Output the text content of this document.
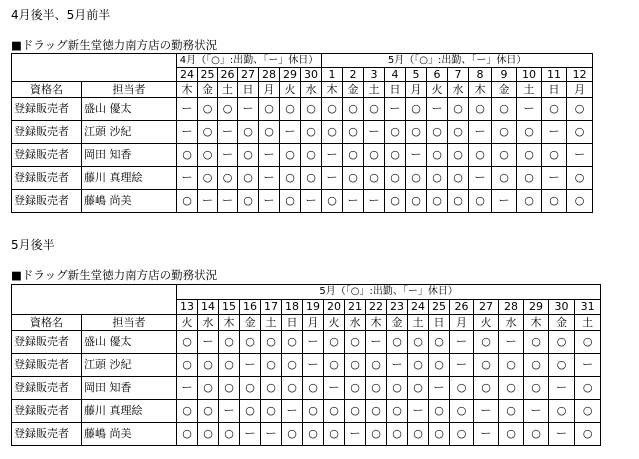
4月後半、5月前半
■ドラッグ新生堂徳力南方店の勤務状況
		4月（「○」:出勤、「ー」休日）							5月（「○」:出勤、「ー」休日）											
		24	25	26	27	28	29	30	1	2	3	4	5	6	7	8	9	10	11	12
資格名	担当者	木	金	土	日	月	火	水	木	金	土	日	月	火	水	木	金	土	日	月
登録販売者	盛山 優太	ー	○	○	ー	○	○	○	○	○	○	ー	○	ー	○	○	○	ー	○	○
登録販売者	江頭 沙紀	ー	○	ー	○	○	ー	○	○	○	ー	○	○	○	○	ー	○	○	ー	○
登録販売者	岡田 知香	○	○	ー	○	ー	○	○	ー	○	○	○	ー	○	○	○	○	○	○	ー
登録販売者	藤川 真理絵	ー	○	○	○	ー	○	○	ー	○	○	○	○	○	○	ー	○	○	ー	○
登録販売者	藤嶋 尚美	○	ー	ー	○	ー	○	ー	○	ー	ー	○	○	○	○	○	ー	○	○	○
5月後半
■ドラッグ新生堂徳力南方店の勤務状況
		5月（「○」:出勤、「ー」休日）																		
		13	14	15	16	17	18	19	20	21	22	23	24	25	26	27	28	29	30	31
資格名	担当者	火	水	木	金	土	日	月	火	水	木	金	土	日	月	火	水	木	金	土
登録販売者	盛山 優太	○	ー	○	○	○	○	ー	○	○	ー	○	○	○	ー	○	ー	○	○	○
登録販売者	江頭 沙紀	○	○	○	ー	○	○	ー	○	○	○	ー	○	○	ー	○	○	○	○	ー
登録販売者	岡田 知香	ー	○	○	○	○	○	○	ー	○	○	○	○	ー	○	○	○	○	ー	○
登録販売者	藤川 真理絵	○	○	ー	○	○	ー	○	○	○	○	○	ー	○	○	ー	○	ー	○	○
登録販売者	藤嶋 尚美	○	○	○	ー	ー	○	○	○	ー	○	○	○	○	○	ー	○	○	ー	○
